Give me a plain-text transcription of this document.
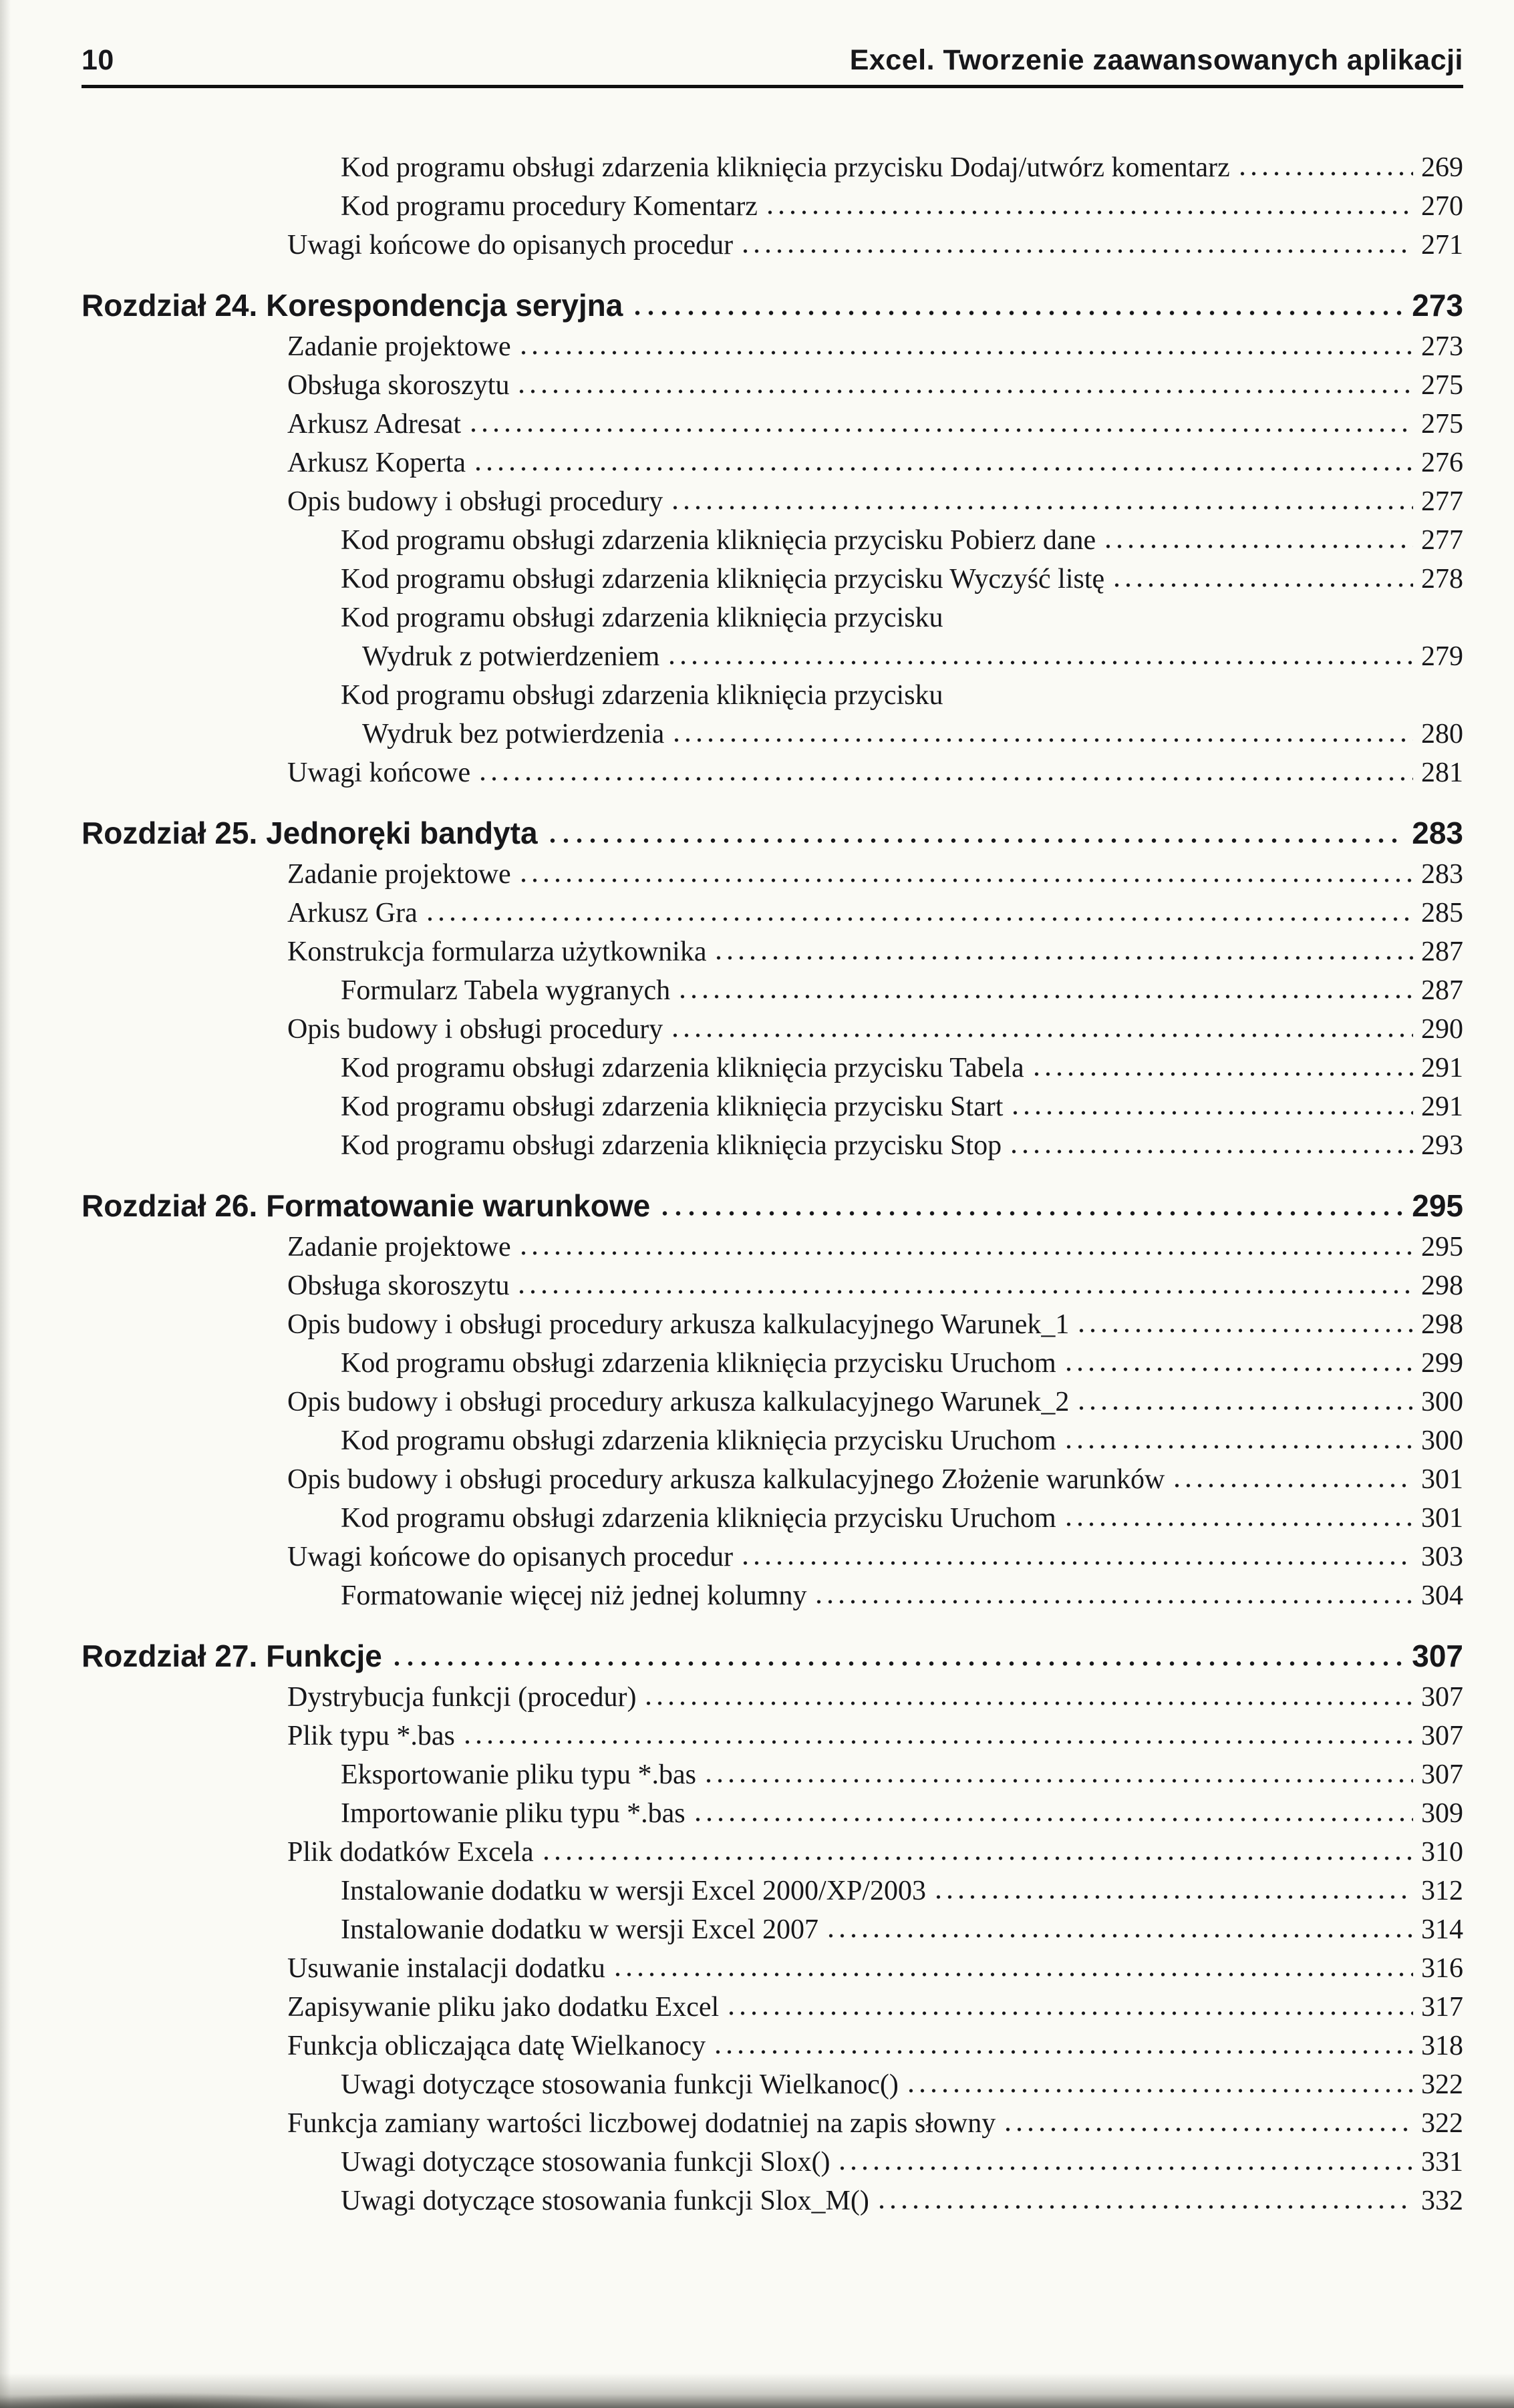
10	Excel. Tworzenie zaawansowanych aplikacji
Kod programu obsługi zdarzenia kliknięcia przycisku Dodaj/utwórz komentarz	269
Kod programu procedury Komentarz	270
Uwagi końcowe do opisanych procedur	271
Rozdział 24. Korespondencja seryjna	273
Zadanie projektowe	273
Obsługa skoroszytu	275
Arkusz Adresat	275
Arkusz Koperta	276
Opis budowy i obsługi procedury	277
Kod programu obsługi zdarzenia kliknięcia przycisku Pobierz dane	277
Kod programu obsługi zdarzenia kliknięcia przycisku Wyczyść listę	278
Kod programu obsługi zdarzenia kliknięcia przycisku
Wydruk z potwierdzeniem	279
Kod programu obsługi zdarzenia kliknięcia przycisku
Wydruk bez potwierdzenia	280
Uwagi końcowe	281
Rozdział 25. Jednoręki bandyta	283
Zadanie projektowe	283
Arkusz Gra	285
Konstrukcja formularza użytkownika	287
Formularz Tabela wygranych	287
Opis budowy i obsługi procedury	290
Kod programu obsługi zdarzenia kliknięcia przycisku Tabela	291
Kod programu obsługi zdarzenia kliknięcia przycisku Start	291
Kod programu obsługi zdarzenia kliknięcia przycisku Stop	293
Rozdział 26. Formatowanie warunkowe	295
Zadanie projektowe	295
Obsługa skoroszytu	298
Opis budowy i obsługi procedury arkusza kalkulacyjnego Warunek_1	298
Kod programu obsługi zdarzenia kliknięcia przycisku Uruchom	299
Opis budowy i obsługi procedury arkusza kalkulacyjnego Warunek_2	300
Kod programu obsługi zdarzenia kliknięcia przycisku Uruchom	300
Opis budowy i obsługi procedury arkusza kalkulacyjnego Złożenie warunków	301
Kod programu obsługi zdarzenia kliknięcia przycisku Uruchom	301
Uwagi końcowe do opisanych procedur	303
Formatowanie więcej niż jednej kolumny	304
Rozdział 27. Funkcje	307
Dystrybucja funkcji (procedur)	307
Plik typu *.bas	307
Eksportowanie pliku typu *.bas	307
Importowanie pliku typu *.bas	309
Plik dodatków Excela	310
Instalowanie dodatku w wersji Excel 2000/XP/2003	312
Instalowanie dodatku w wersji Excel 2007	314
Usuwanie instalacji dodatku	316
Zapisywanie pliku jako dodatku Excel	317
Funkcja obliczająca datę Wielkanocy	318
Uwagi dotyczące stosowania funkcji Wielkanoc()	322
Funkcja zamiany wartości liczbowej dodatniej na zapis słowny	322
Uwagi dotyczące stosowania funkcji Slox()	331
Uwagi dotyczące stosowania funkcji Slox_M()	332
